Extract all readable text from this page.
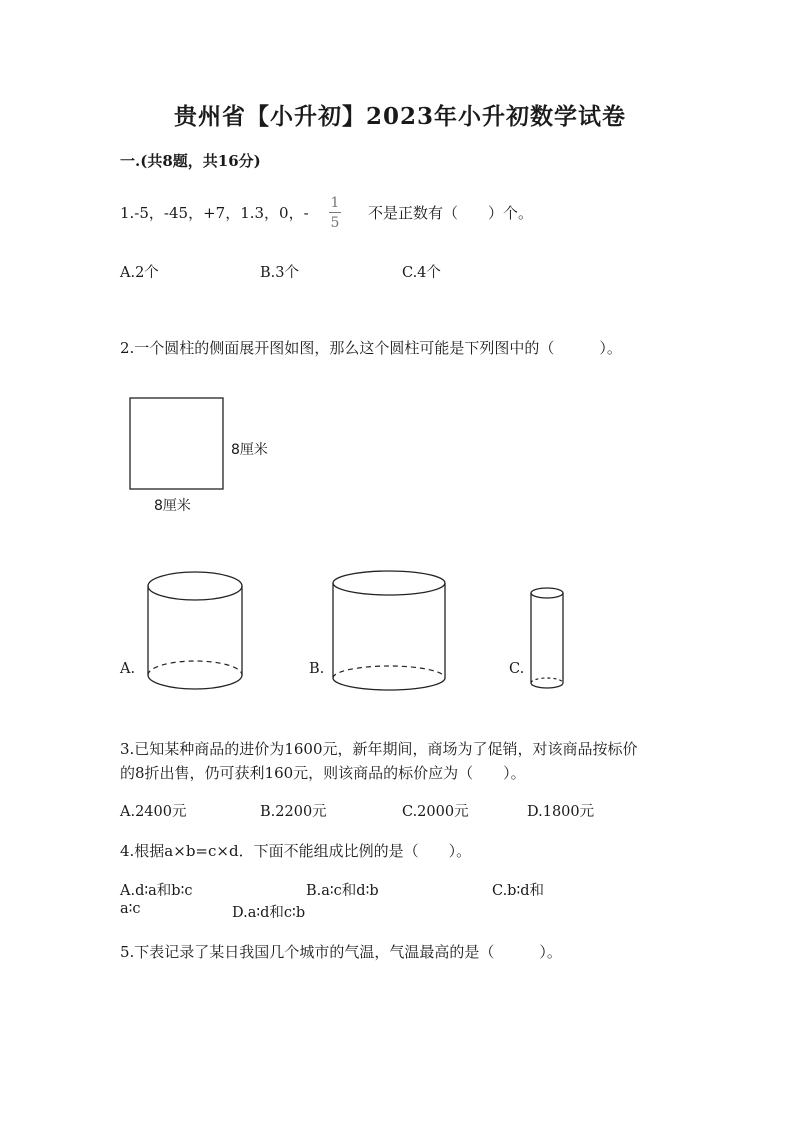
贵州省【小升初】2023年小升初数学试卷
一.(共8题，共16分)
1.-5，-45，+7，1.3，0，-
1
5
不是正数有（　　）个。
A.2个	B.3个	C.4个
2.一个圆柱的侧面展开图如图，那么这个圆柱可能是下列图中的（　　　）。
8厘米
8厘米
A.	B.	C.
3.已知某种商品的进价为1600元，新年期间，商场为了促销，对该商品按标价
的8折出售，仍可获利160元，则该商品的标价应为（　　）。
A.2400元	B.2200元	C.2000元	D.1800元
4.根据a×b=c×d．下面不能组成比例的是（　　）。
A.d∶a和b∶c	B.a∶c和d∶b	C.b∶d和
a∶c	D.a∶d和c∶b
5.下表记录了某日我国几个城市的气温，气温最高的是（　　　）。
